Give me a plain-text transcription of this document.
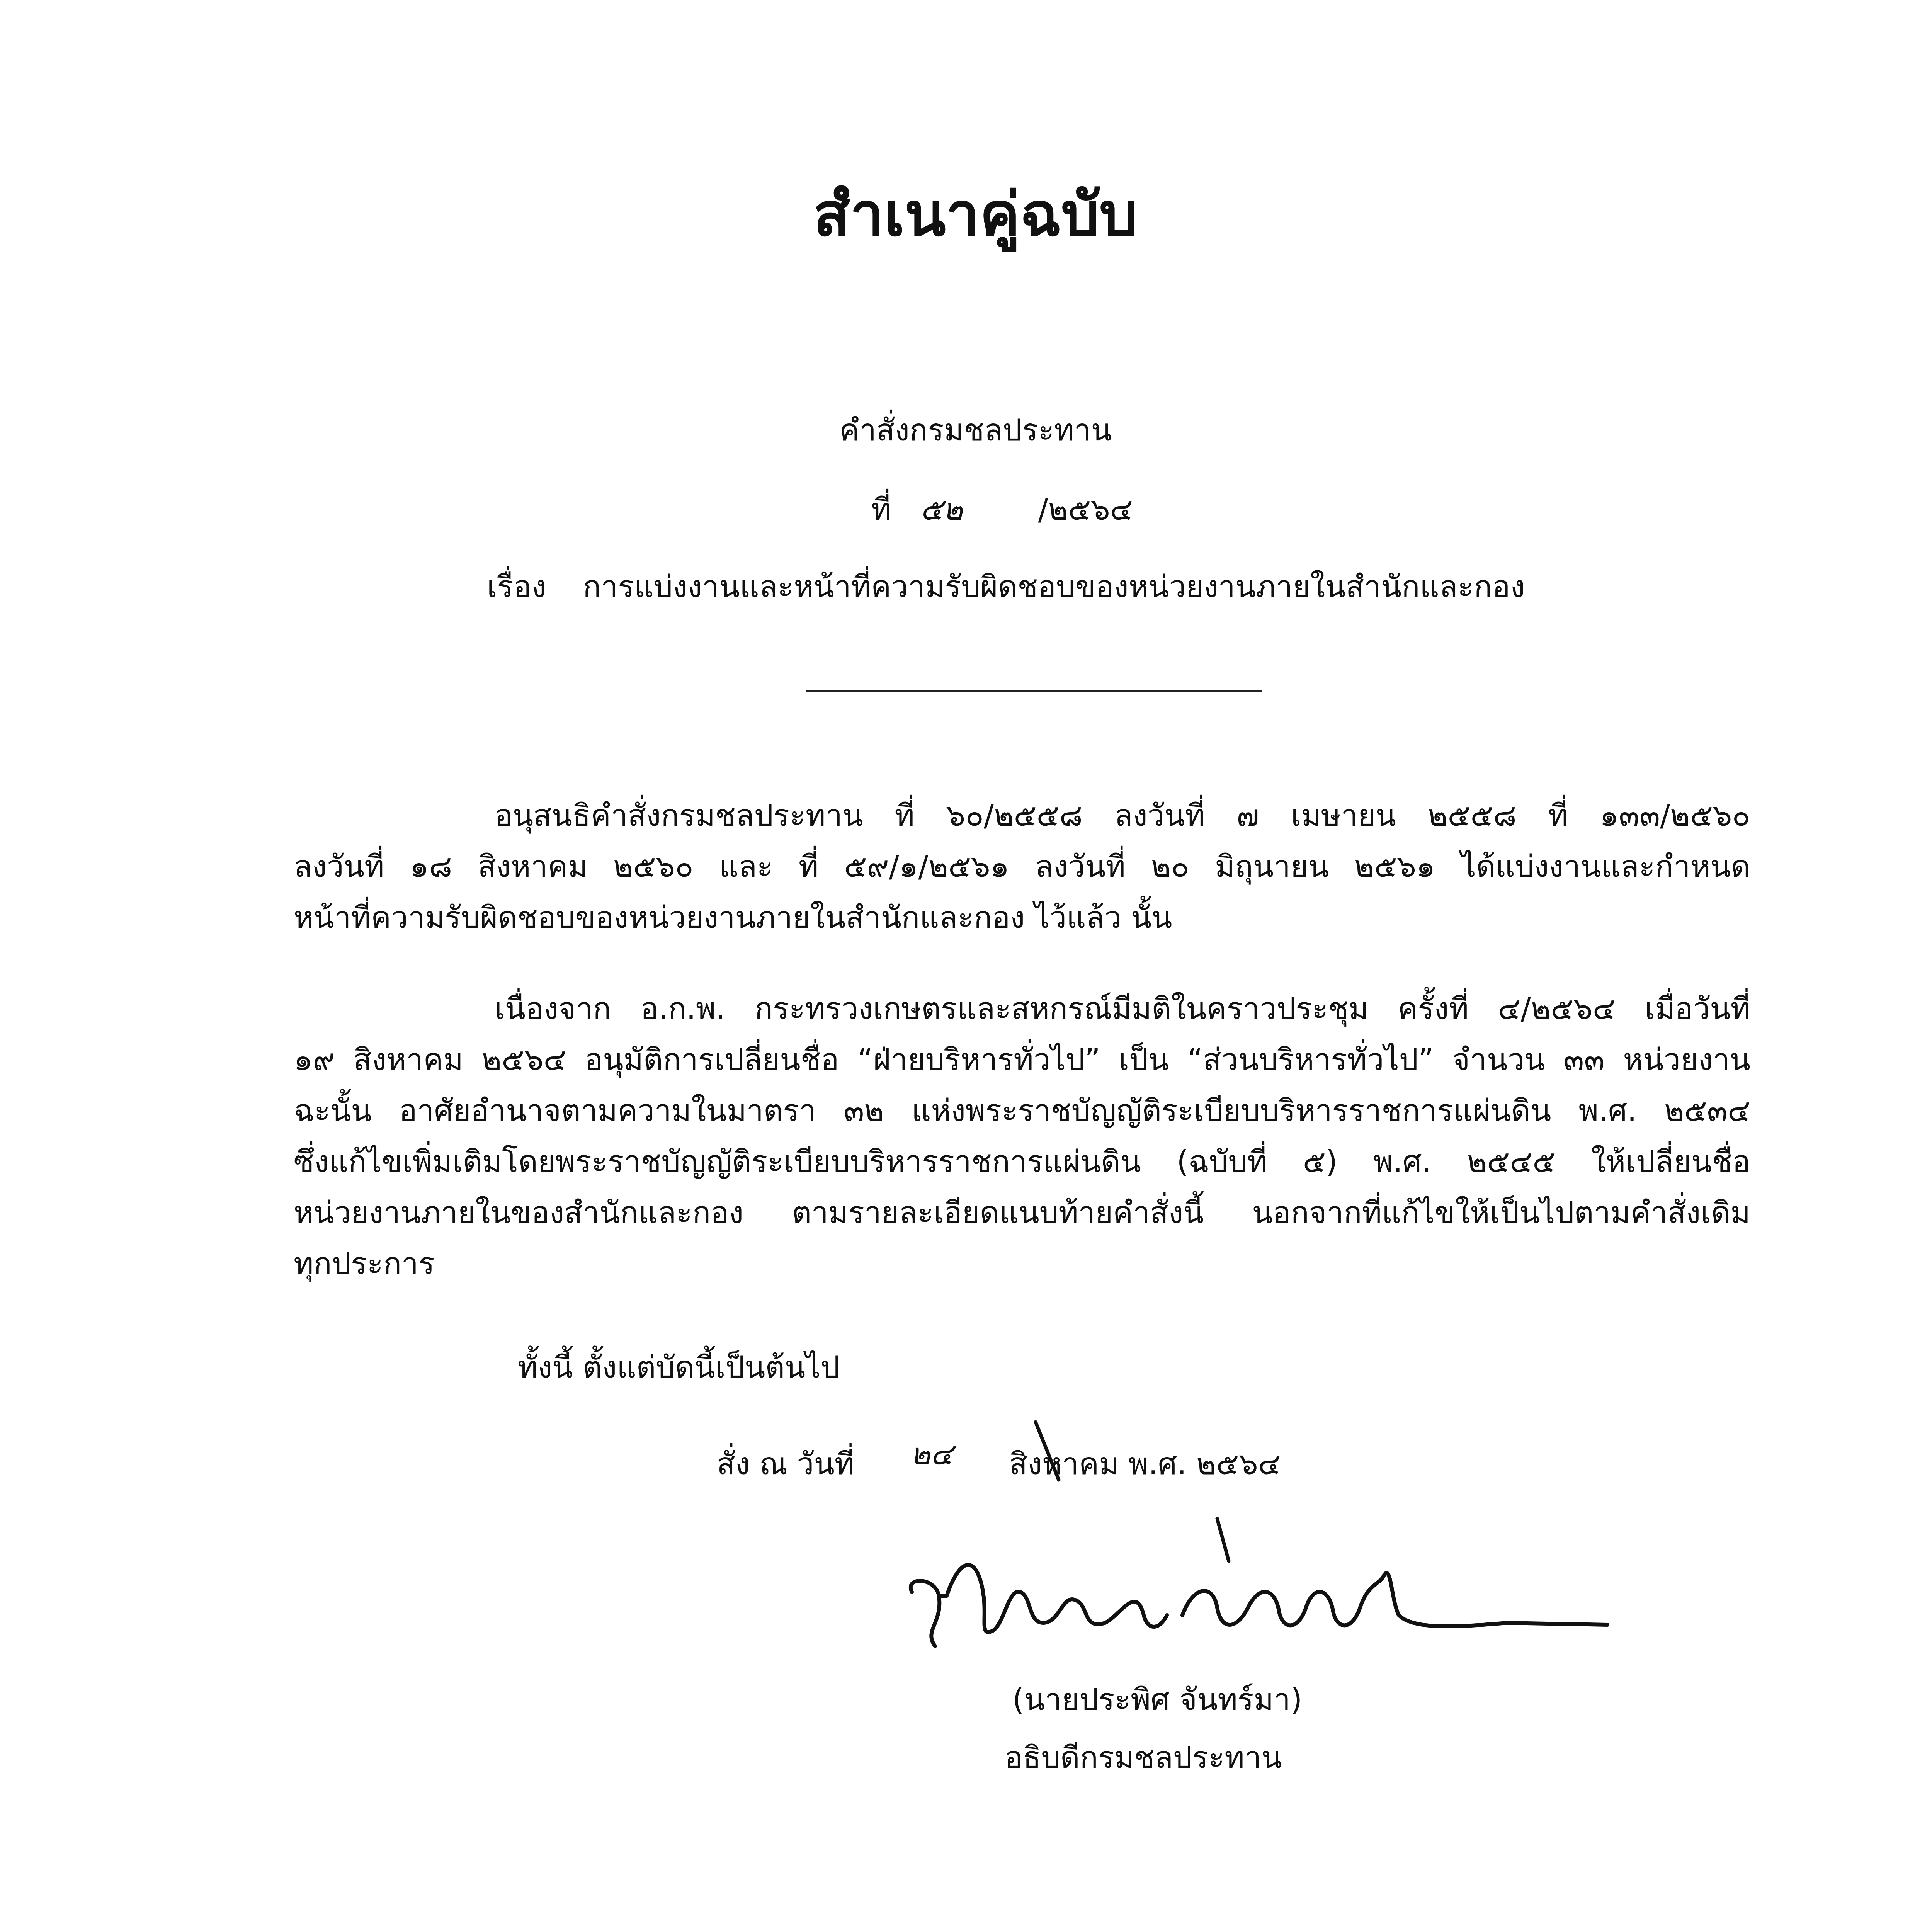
สำเนาคู่ฉบับ
คำสั่งกรมชลประทาน
ที่ ๕๒ /๒๕๖๔
เรื่อง การแบ่งงานและหน้าที่ความรับผิดชอบของหน่วยงานภายในสำนักและกอง
อนุสนธิคำสั่งกรมชลประทาน ที่ ๖๐/๒๕๕๘ ลงวันที่ ๗ เมษายน ๒๕๕๘ ที่ ๑๓๓/๒๕๖๐
ลงวันที่ ๑๘ สิงหาคม ๒๕๖๐ และ ที่ ๕๙/๑/๒๕๖๑ ลงวันที่ ๒๐ มิถุนายน ๒๕๖๑ ได้แบ่งงานและกำหนด
หน้าที่ความรับผิดชอบของหน่วยงานภายในสำนักและกอง ไว้แล้ว นั้น
เนื่องจาก อ.ก.พ. กระทรวงเกษตรและสหกรณ์มีมติในคราวประชุม ครั้งที่ ๔/๒๕๖๔ เมื่อวันที่
๑๙ สิงหาคม ๒๕๖๔ อนุมัติการเปลี่ยนชื่อ “ฝ่ายบริหารทั่วไป” เป็น “ส่วนบริหารทั่วไป” จำนวน ๓๓ หน่วยงาน
ฉะนั้น อาศัยอำนาจตามความในมาตรา ๓๒ แห่งพระราชบัญญัติระเบียบบริหารราชการแผ่นดิน พ.ศ. ๒๕๓๔
ซึ่งแก้ไขเพิ่มเติมโดยพระราชบัญญัติระเบียบบริหารราชการแผ่นดิน (ฉบับที่ ๕) พ.ศ. ๒๕๔๕ ให้เปลี่ยนชื่อ
หน่วยงานภายในของสำนักและกอง ตามรายละเอียดแนบท้ายคำสั่งนี้ นอกจากที่แก้ไขให้เป็นไปตามคำสั่งเดิม
ทุกประการ
ทั้งนี้ ตั้งแต่บัดนี้เป็นต้นไป
สั่ง ณ วันที่ ๒๔ สิงหาคม พ.ศ. ๒๕๖๔
(นายประพิศ จันทร์มา)
อธิบดีกรมชลประทาน
